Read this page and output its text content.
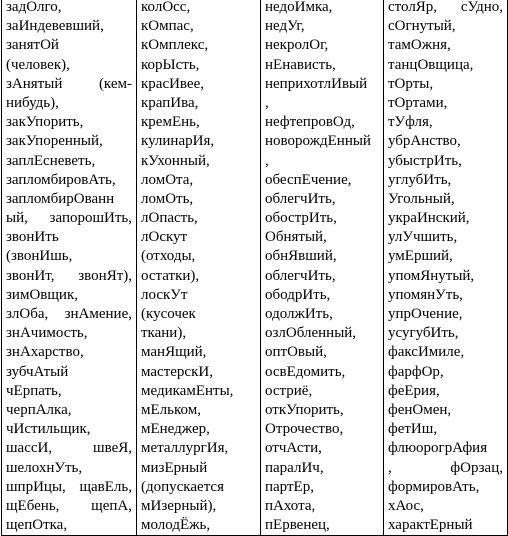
задОлго,
заИндевевший,
занятОй
(человек),
зАнятый (кем-
нибудь),
закУпорить,
закУпоренный,
заплЕсневеть,
запломбировАть,
запломбирОванн
ый, запорошИть,
звонИть
(звонИшь,
звонИт, звонЯт),
зимОвщик,
злОба, знАмение,
знАчимость,
знАхарство,
зубчАтый
чЕрпать,
черпАлка,
чИстильщик,
шассИ, швеЯ,
шелохнУть,
шпрИцы, щавЕль,
щЕбень, щепА,
щепОтка,

колОсс,
кОмпас,
кОмплекс,
корЫсть,
красИвее,
крапИва,
кремЕнь,
кулинарИя,
кУхонный,
ломОта,
ломОть,
лОпасть,
лОскут
(отходы,
остатки),
лоскУт
(кусочек
ткани),
манЯщий,
мастерскИ,
медикамЕнты,
мЕльком,
мЕнеджер,
металлургИя,
мизЕрный
(допускается
мИзерный),
молодЁжь,

недоИмка,
недУг,
некролОг,
нЕнависть,
неприхотлИвый
,
нефтепровОд,
новорождЕнный
,
обеспЕчение,
облегчИть,
обострИть,
Обнятый,
обнЯвший,
облегчИть,
ободрИть,
одолжИть,
озлОбленный,
оптОвый,
освЕдомить,
остриё,
откУпорить,
Отрочество,
отчАсти,
паралИч,
партЕр,
пАхота,
пЕрвенец,

столЯр, сУдно,
сОгнутый,
тамОжня,
танцОвщица,
тОрты,
тОртами,
тУфля,
убрАнство,
убыстрИть,
углубИть,
Угольный,
украИнский,
улУчшить,
умЕрший,
упомЯнутый,
упомянУть,
упрОчение,
усугубИть,
факсИмиле,
фарфОр,
феЕрия,
фенОмен,
фетИш,
флюорогрАфия
, фОрзац,
формировАть,
хАос,
характЕрный
